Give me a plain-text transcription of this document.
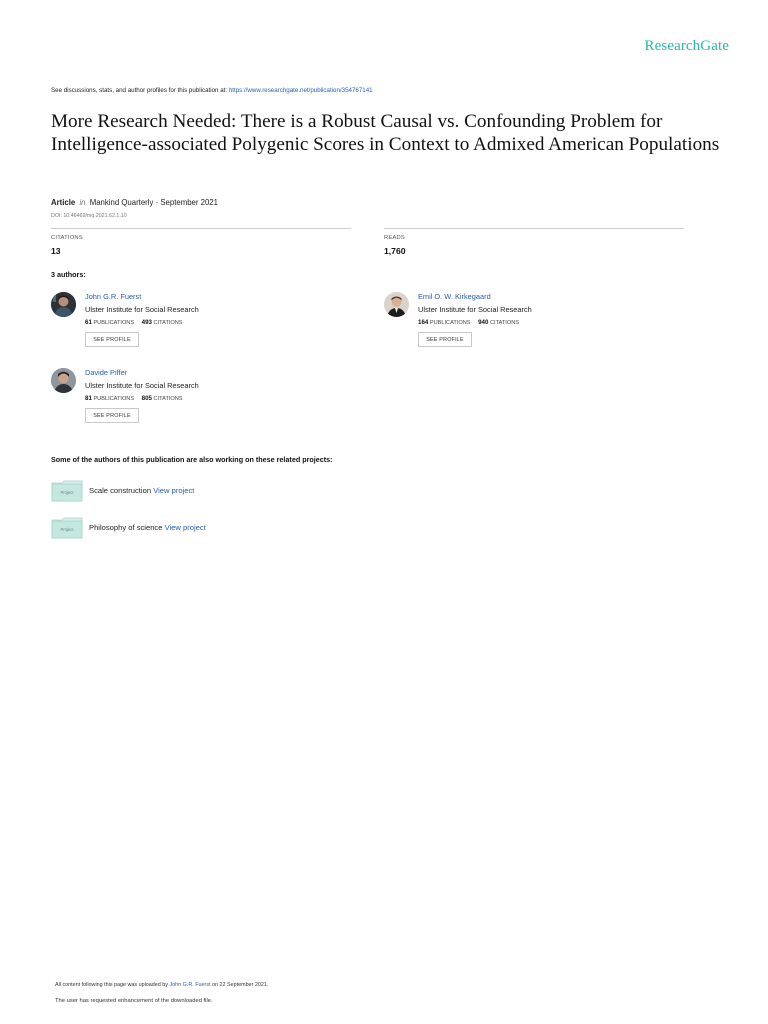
ResearchGate
See discussions, stats, and author profiles for this publication at: https://www.researchgate.net/publication/354767141
More Research Needed: There is a Robust Causal vs. Confounding Problem for Intelligence-associated Polygenic Scores in Context to Admixed American Populations
Article in Mankind Quarterly · September 2021
DOI: 10.46469/mq.2021.62.1.10
CITATIONS
13
READS
1,760
3 authors:
John G.R. Fuerst
Ulster Institute for Social Research
61 PUBLICATIONS 493 CITATIONS
SEE PROFILE
Emil O. W. Kirkegaard
Ulster Institute for Social Research
164 PUBLICATIONS 940 CITATIONS
SEE PROFILE
Davide Piffer
Ulster Institute for Social Research
81 PUBLICATIONS 805 CITATIONS
SEE PROFILE
Some of the authors of this publication are also working on these related projects:
Project Scale construction View project
Project Philosophy of science View project
All content following this page was uploaded by John G.R. Fuerst on 22 September 2021.
The user has requested enhancement of the downloaded file.
